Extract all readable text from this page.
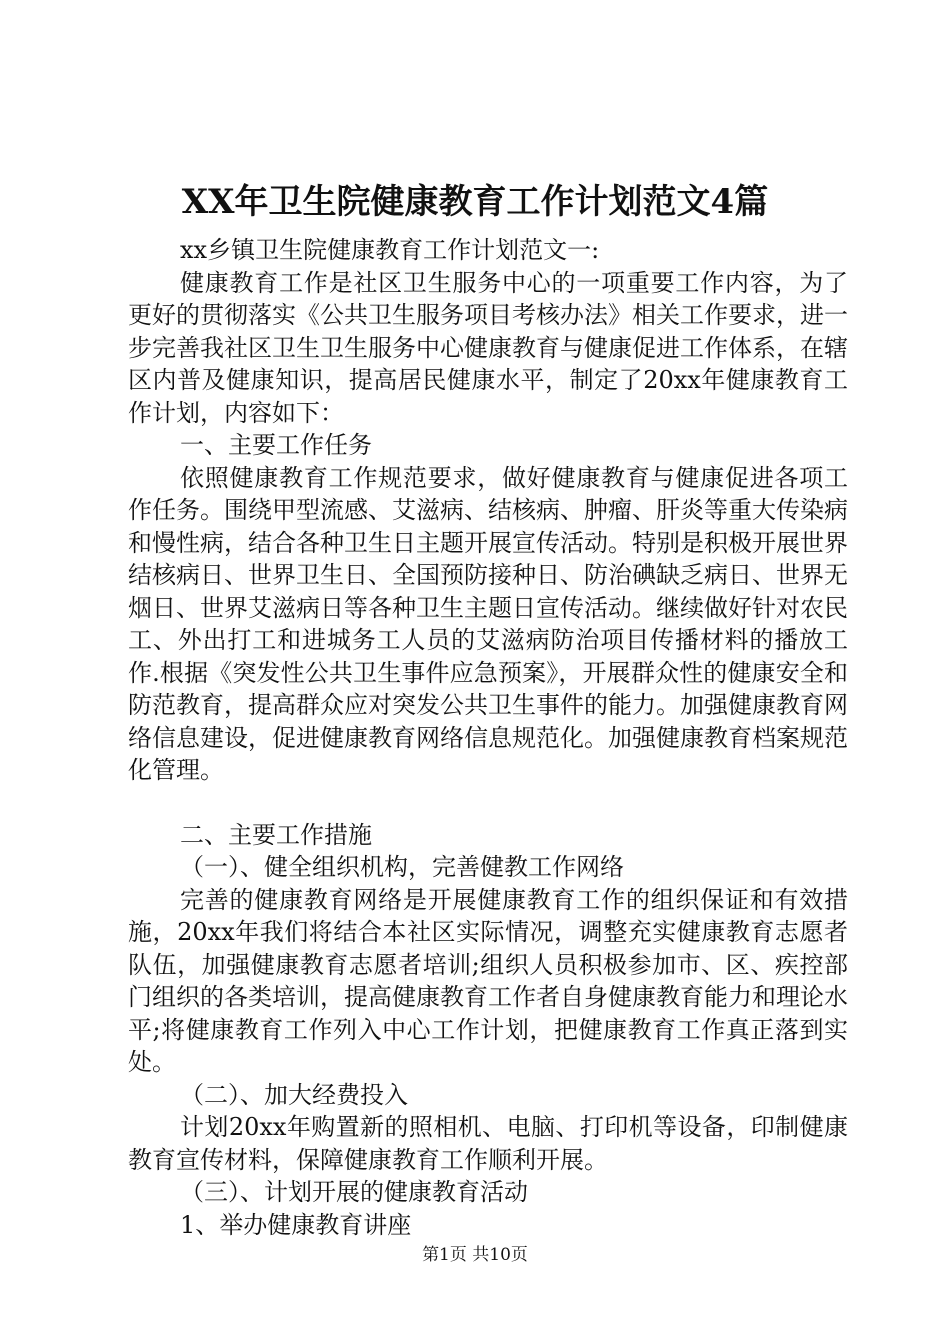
XX年卫生院健康教育工作计划范文4篇

xx乡镇卫生院健康教育工作计划范文一:

健康教育工作是社区卫生服务中心的一项重要工作内容，为了更好的贯彻落实《公共卫生服务项目考核办法》相关工作要求，进一步完善我社区卫生卫生服务中心健康教育与健康促进工作体系，在辖区内普及健康知识，提高居民健康水平，制定了20xx年健康教育工作计划，内容如下：

一、主要工作任务

依照健康教育工作规范要求，做好健康教育与健康促进各项工作任务。围绕甲型流感、艾滋病、结核病、肿瘤、肝炎等重大传染病和慢性病，结合各种卫生日主题开展宣传活动。特别是积极开展世界结核病日、世界卫生日、全国预防接种日、防治碘缺乏病日、世界无烟日、世界艾滋病日等各种卫生主题日宣传活动。继续做好针对农民工、外出打工和进城务工人员的艾滋病防治项目传播材料的播放工作.根据《突发性公共卫生事件应急预案》，开展群众性的健康安全和防范教育，提高群众应对突发公共卫生事件的能力。加强健康教育网络信息建设，促进健康教育网络信息规范化。加强健康教育档案规范化管理。

二、主要工作措施

（一）、健全组织机构，完善健教工作网络

完善的健康教育网络是开展健康教育工作的组织保证和有效措施，20xx年我们将结合本社区实际情况，调整充实健康教育志愿者队伍，加强健康教育志愿者培训;组织人员积极参加市、区、疾控部门组织的各类培训，提高健康教育工作者自身健康教育能力和理论水平;将健康教育工作列入中心工作计划，把健康教育工作真正落到实处。

（二）、加大经费投入

计划20xx年购置新的照相机、电脑、打印机等设备，印制健康教育宣传材料，保障健康教育工作顺利开展。

（三）、计划开展的健康教育活动

1、举办健康教育讲座

第1页 共10页
